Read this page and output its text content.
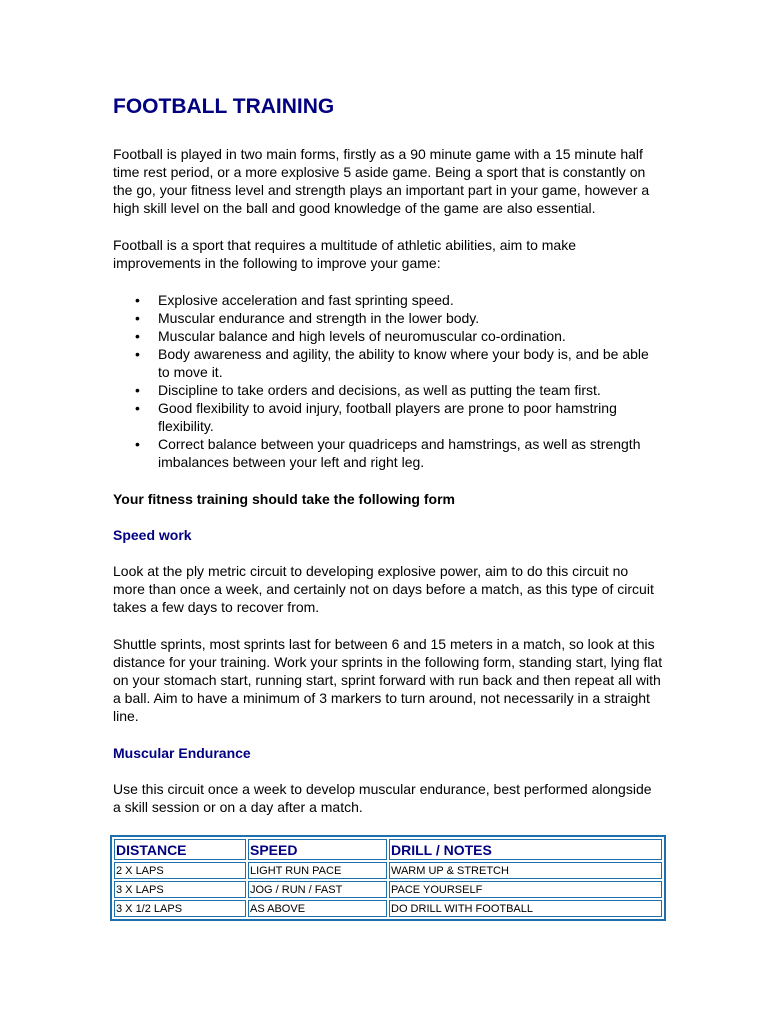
FOOTBALL TRAINING

Football is played in two main forms, firstly as a 90 minute game with a 15 minute half time rest period, or a more explosive 5 aside game. Being a sport that is constantly on the go, your fitness level and strength plays an important part in your game, however a high skill level on the ball and good knowledge of the game are also essential.

Football is a sport that requires a multitude of athletic abilities, aim to make improvements in the following to improve your game:

• Explosive acceleration and fast sprinting speed.
• Muscular endurance and strength in the lower body.
• Muscular balance and high levels of neuromuscular co-ordination.
• Body awareness and agility, the ability to know where your body is, and be able to move it.
• Discipline to take orders and decisions, as well as putting the team first.
• Good flexibility to avoid injury, football players are prone to poor hamstring flexibility.
• Correct balance between your quadriceps and hamstrings, as well as strength imbalances between your left and right leg.
Your fitness training should take the following form
Speed work

Look at the ply metric circuit to developing explosive power, aim to do this circuit no more than once a week, and certainly not on days before a match, as this type of circuit takes a few days to recover from.

Shuttle sprints, most sprints last for between 6 and 15 meters in a match, so look at this distance for your training. Work your sprints in the following form, standing start, lying flat on your stomach start, running start, sprint forward with run back and then repeat all with a ball. Aim to have a minimum of 3 markers to turn around, not necessarily in a straight line.

Muscular Endurance

Use this circuit once a week to develop muscular endurance, best performed alongside a skill session or on a day after a match.

DISTANCE	SPEED	DRILL / NOTES
2 X LAPS	LIGHT RUN PACE	WARM UP & STRETCH
3 X LAPS	JOG / RUN / FAST	PACE YOURSELF
3 X 1/2 LAPS	AS ABOVE	DO DRILL WITH FOOTBALL
